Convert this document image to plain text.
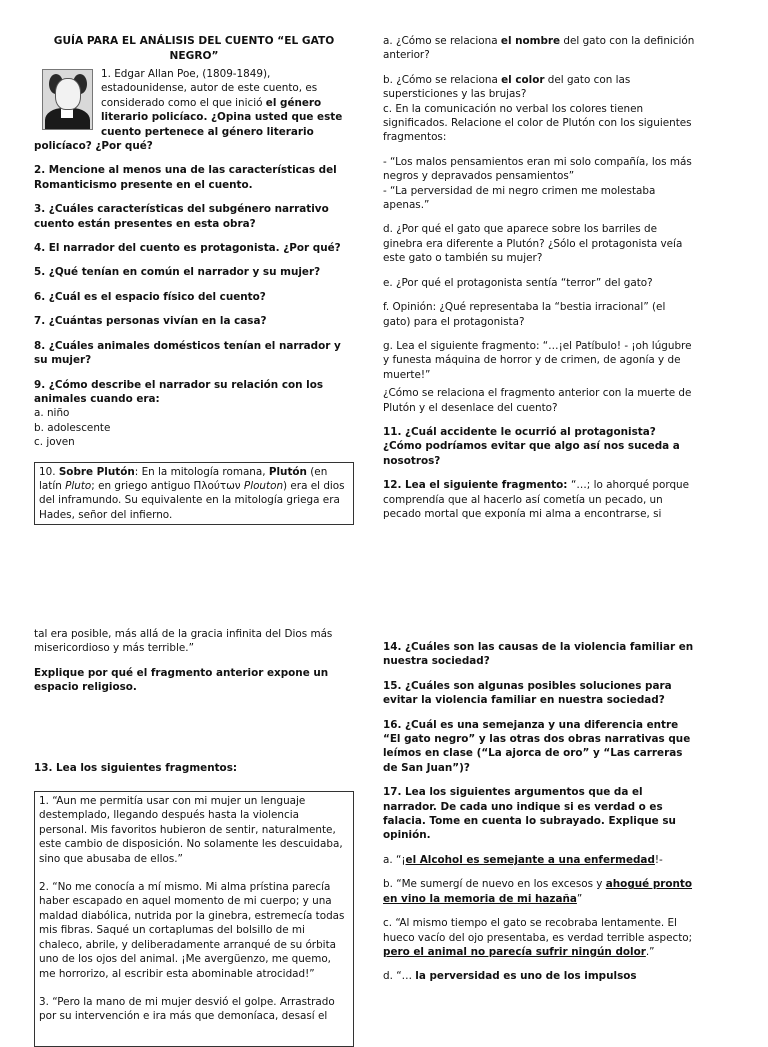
GUÍA PARA EL ANÁLISIS DEL CUENTO “EL GATO NEGRO”

1. Edgar Allan Poe, (1809-1849), estadounidense, autor de este cuento, es considerado como el que inició el género literario policíaco. ¿Opina usted que este cuento pertenece al género literario policíaco? ¿Por qué?

2. Mencione al menos una de las características del Romanticismo presente en el cuento.

3. ¿Cuáles características del subgénero narrativo cuento están presentes en esta obra?

4. El narrador del cuento es protagonista. ¿Por qué?

5. ¿Qué tenían en común el narrador y su mujer?

6. ¿Cuál es el espacio físico del cuento?

7. ¿Cuántas personas vivían en la casa?

8. ¿Cuáles animales domésticos tenían el narrador y su mujer?

9. ¿Cómo describe el narrador su relación con los animales cuando era:

a. niño

b. adolescente

c. joven

10. Sobre Plutón: En la mitología romana, Plutón (en latín Pluto; en griego antiguo Πλούτων Plouton) era el dios del inframundo. Su equivalente en la mitología griega era Hades, señor del infierno.

a. ¿Cómo se relaciona el nombre del gato con la definición anterior?

b. ¿Cómo se relaciona el color del gato con las supersticiones y las brujas?

c. En la comunicación no verbal los colores tienen significados. Relacione el color de Plutón con los siguientes fragmentos:

- “Los malos pensamientos eran mi solo compañía, los más negros y depravados pensamientos”

- “La perversidad de mi negro crimen me molestaba apenas.”

d. ¿Por qué el gato que aparece sobre los barriles de ginebra era diferente a Plutón? ¿Sólo el protagonista veía este gato o también su mujer?

e. ¿Por qué el protagonista sentía “terror” del gato?

f. Opinión: ¿Qué representaba la “bestia irracional” (el gato) para el protagonista?

g. Lea el siguiente fragmento: “…¡el Patíbulo! - ¡oh lúgubre y funesta máquina de horror y de crimen, de agonía y de muerte!”

¿Cómo se relaciona el fragmento anterior con la muerte de Plutón y el desenlace del cuento?

11. ¿Cuál accidente le ocurrió al protagonista? ¿Cómo podríamos evitar que algo así nos suceda a nosotros?

12. Lea el siguiente fragmento: “…; lo ahorqué porque comprendía que al hacerlo así cometía un pecado, un pecado mortal que exponía mi alma a encontrarse, si

tal era posible, más allá de la gracia infinita del Dios más misericordioso y más terrible.”

Explique por qué el fragmento anterior expone un espacio religioso.

13. Lea los siguientes fragmentos:

1. “Aun me permitía usar con mi mujer un lenguaje destemplado, llegando después hasta la violencia personal. Mis favoritos hubieron de sentir, naturalmente, este cambio de disposición. No solamente les descuidaba, sino que abusaba de ellos.”

2. “No me conocía a mí mismo. Mi alma prístina parecía haber escapado en aquel momento de mi cuerpo; y una maldad diabólica, nutrida por la ginebra, estremecía todas mis fibras. Saqué un cortaplumas del bolsillo de mi chaleco, abrile, y deliberadamente arranqué de su órbita uno de los ojos del animal. ¡Me avergüenzo, me quemo, me horrorizo, al escribir esta abominable atrocidad!”

3. “Pero la mano de mi mujer desvió el golpe. Arrastrado por su intervención e ira más que demoníaca, desasí el

14. ¿Cuáles son las causas de la violencia familiar en nuestra sociedad?

15. ¿Cuáles son algunas posibles soluciones para evitar la violencia familiar en nuestra sociedad?

16. ¿Cuál es una semejanza y una diferencia entre “El gato negro” y las otras dos obras narrativas que leímos en clase (“La ajorca de oro” y “Las carreras de San Juan”)?

17. Lea los siguientes argumentos que da el narrador. De cada uno indique si es verdad o es falacia. Tome en cuenta lo subrayado. Explique su opinión.

a. “¡el Alcohol es semejante a una enfermedad!-

b. “Me sumergí de nuevo en los excesos y ahogué pronto en vino la memoria de mi hazaña”

c. “Al mismo tiempo el gato se recobraba lentamente. El hueco vacío del ojo presentaba, es verdad terrible aspecto; pero el animal no parecía sufrir ningún dolor.”

d. “… la perversidad es uno de los impulsos
